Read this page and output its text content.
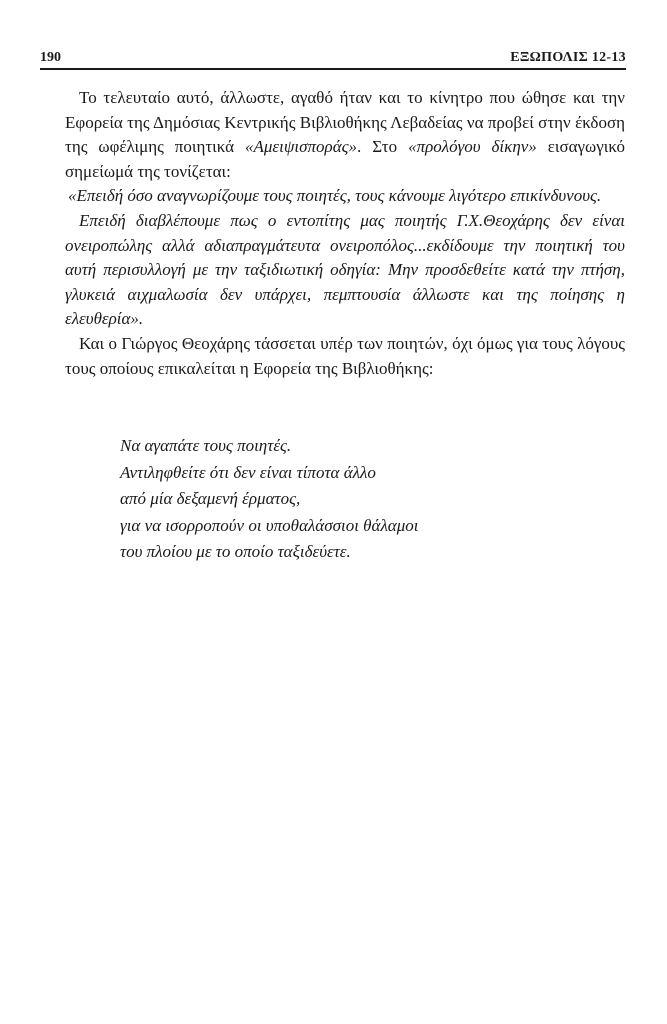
190	ΕΞΩΠΟΛΙΣ 12-13

Το τελευταίο αυτό, άλλωστε, αγαθό ήταν και το κίνητρο που ώθησε και την Εφορεία της Δημόσιας Κεντρικής Βιβλιοθήκης Λεβαδείας να προβεί στην έκδοση της ωφέλιμης ποιητικά «Αμειψισποράς». Στο «προλόγου δίκην» εισαγωγικό σημείωμά της τονίζεται:

«Επειδή όσο αναγνωρίζουμε τους ποιητές, τους κάνουμε λιγότερο επικίνδυνους.

Επειδή διαβλέπουμε πως ο εντοπίτης μας ποιητής Γ.Χ.Θεοχάρης δεν είναι ονειροπώλης αλλά αδιαπραγμάτευτα ονειροπόλος...εκδίδουμε την ποιητική του αυτή περισυλλογή με την ταξιδιωτική οδηγία: Μην προσδεθείτε κατά την πτήση, γλυκειά αιχμαλωσία δεν υπάρχει, πεμπτουσία άλλωστε και της ποίησης η ελευθερία».

Και ο Γιώργος Θεοχάρης τάσσεται υπέρ των ποιητών, όχι όμως για τους λόγους τους οποίους επικαλείται η Εφορεία της Βιβλιοθήκης:

Να αγαπάτε τους ποιητές.
Αντιληφθείτε ότι δεν είναι τίποτα άλλο
από μία δεξαμενή έρματος,
για να ισορροπούν οι υποθαλάσσιοι θάλαμοι
του πλοίου με το οποίο ταξιδεύετε.
